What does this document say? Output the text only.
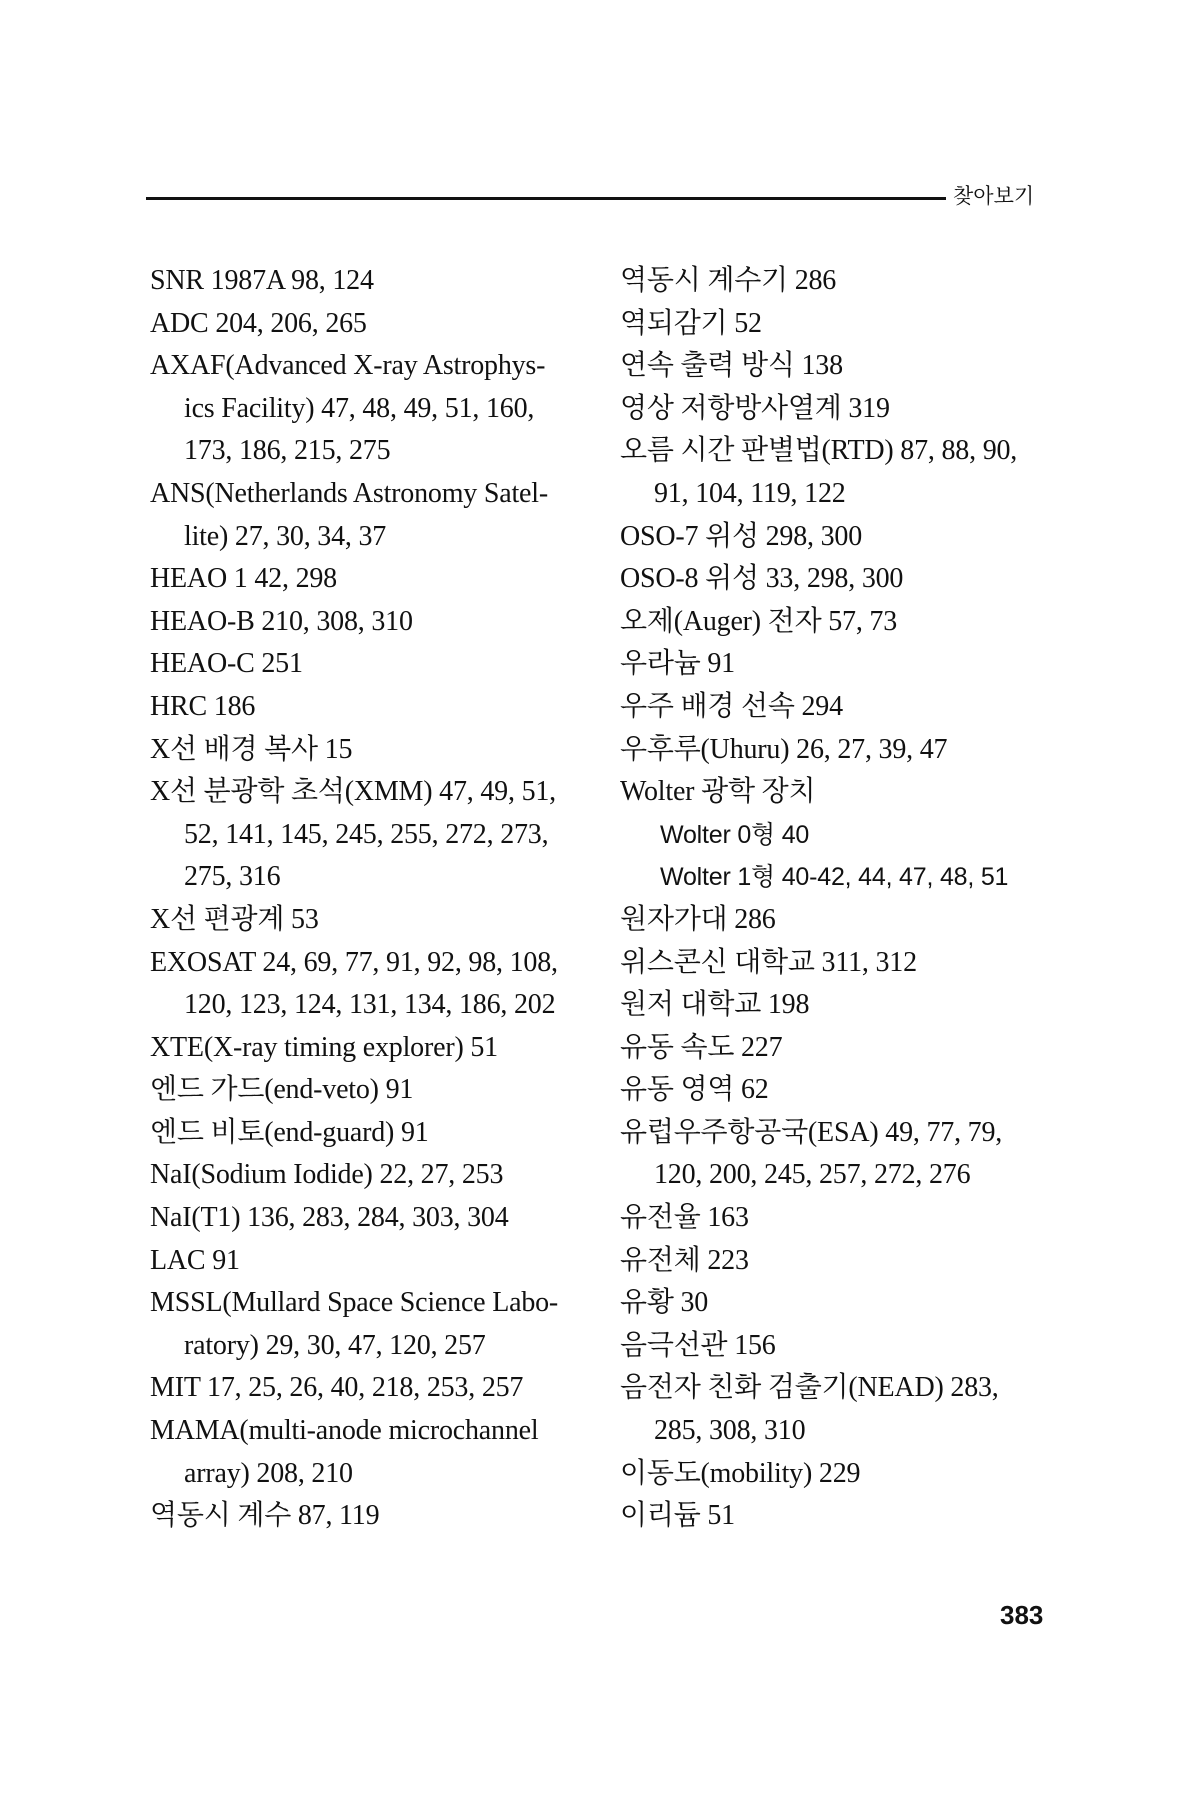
찾아보기
SNR 1987A 98, 124
ADC 204, 206, 265
AXAF(Advanced X-ray Astrophys-
ics Facility) 47, 48, 49, 51, 160,
173, 186, 215, 275
ANS(Netherlands Astronomy Satel-
lite) 27, 30, 34, 37
HEAO 1 42, 298
HEAO-B 210, 308, 310
HEAO-C 251
HRC 186
X선 배경 복사 15
X선 분광학 초석(XMM) 47, 49, 51,
52, 141, 145, 245, 255, 272, 273,
275, 316
X선 편광계 53
EXOSAT 24, 69, 77, 91, 92, 98, 108,
120, 123, 124, 131, 134, 186, 202
XTE(X-ray timing explorer) 51
엔드 가드(end-veto) 91
엔드 비토(end-guard) 91
NaI(Sodium Iodide) 22, 27, 253
NaI(T1) 136, 283, 284, 303, 304
LAC 91
MSSL(Mullard Space Science Labo-
ratory) 29, 30, 47, 120, 257
MIT 17, 25, 26, 40, 218, 253, 257
MAMA(multi-anode microchannel
array) 208, 210
역동시 계수 87, 119
역동시 계수기 286
역되감기 52
연속 출력 방식 138
영상 저항방사열계 319
오름 시간 판별법(RTD) 87, 88, 90,
91, 104, 119, 122
OSO-7 위성 298, 300
OSO-8 위성 33, 298, 300
오제(Auger) 전자 57, 73
우라늄 91
우주 배경 선속 294
우후루(Uhuru) 26, 27, 39, 47
Wolter 광학 장치
Wolter 0형 40
Wolter 1형 40-42, 44, 47, 48, 51
원자가대 286
위스콘신 대학교 311, 312
원저 대학교 198
유동 속도 227
유동 영역 62
유럽우주항공국(ESA) 49, 77, 79,
120, 200, 245, 257, 272, 276
유전율 163
유전체 223
유황 30
음극선관 156
음전자 친화 검출기(NEAD) 283,
285, 308, 310
이동도(mobility) 229
이리듐 51
383
